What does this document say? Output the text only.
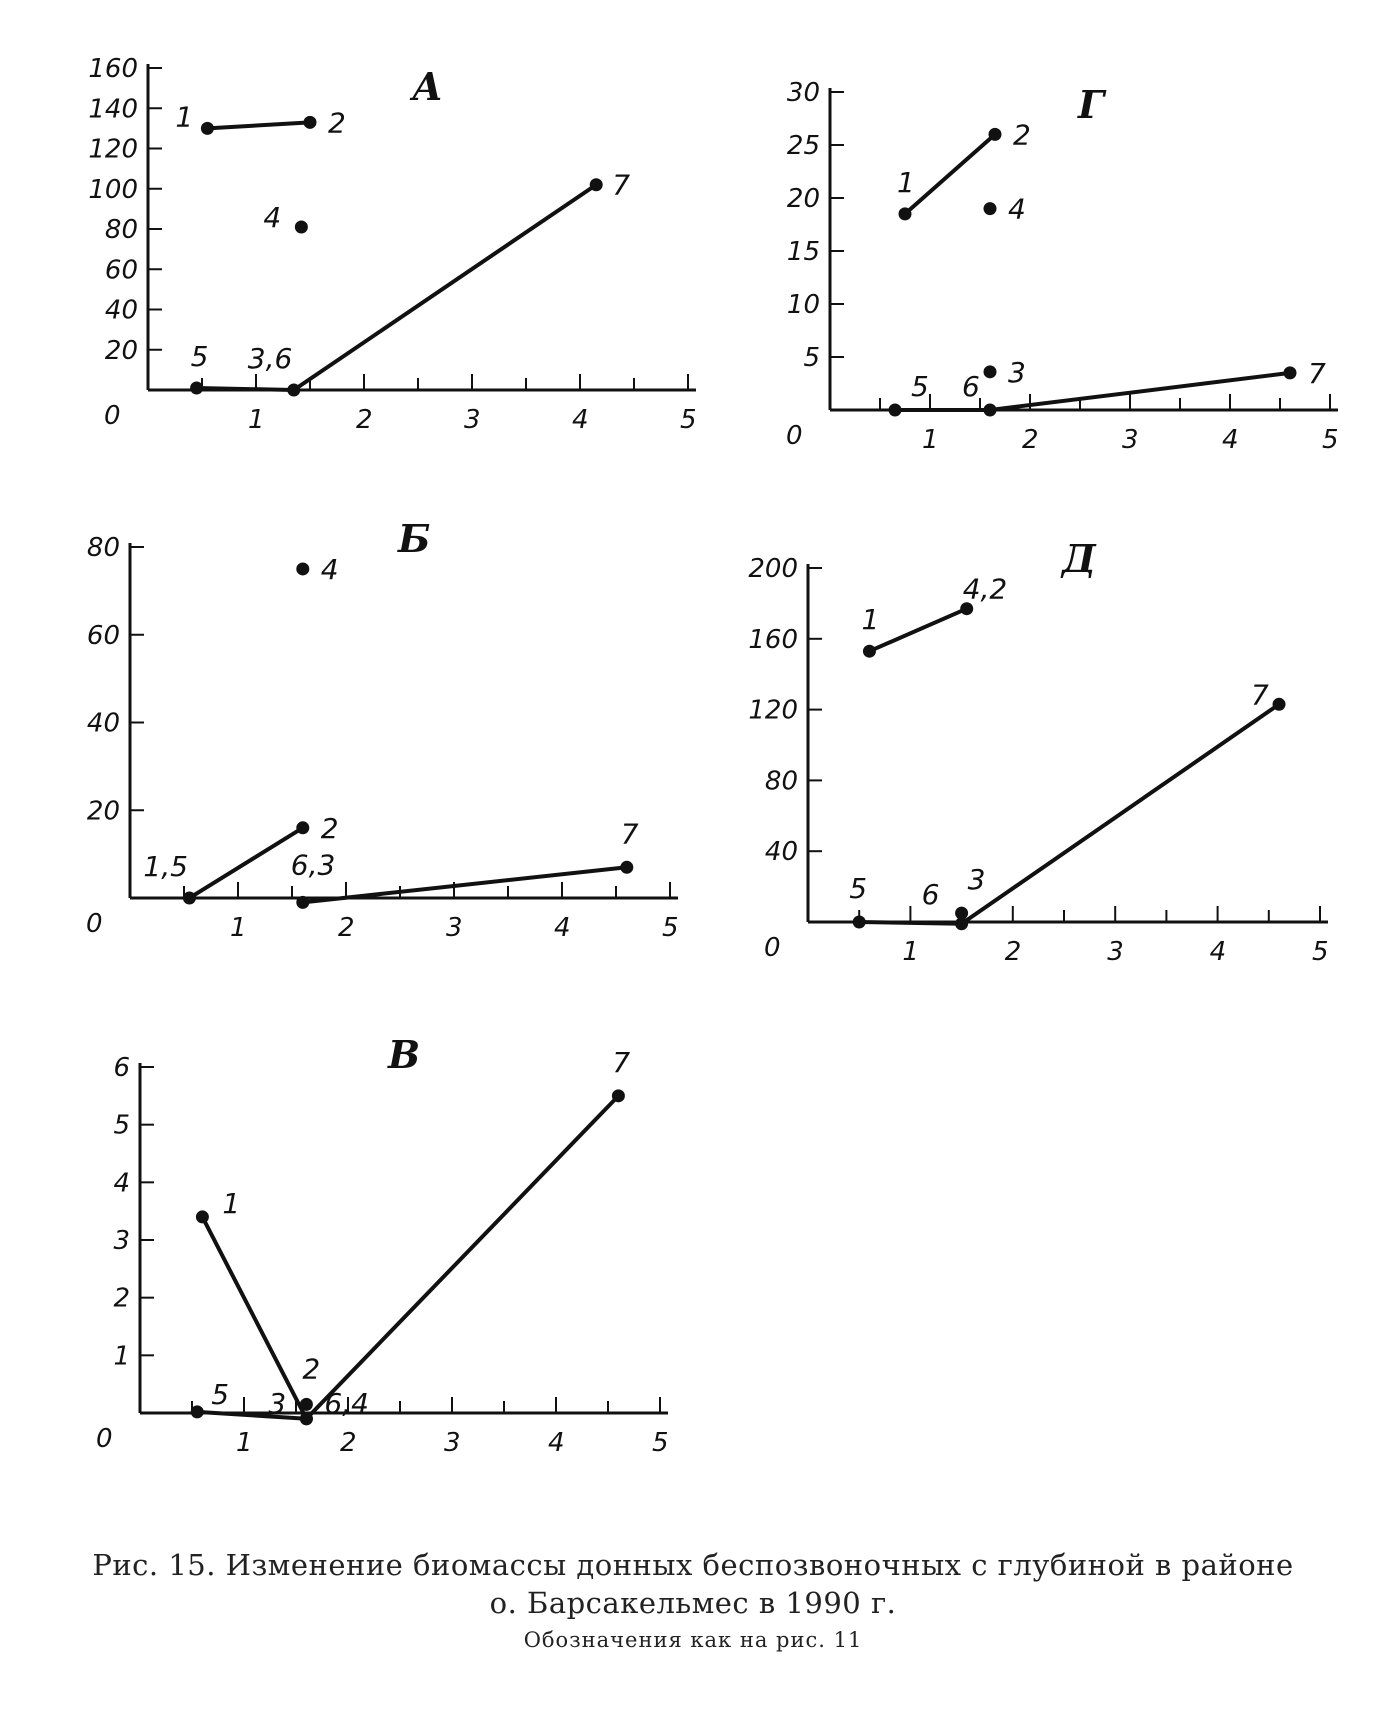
1	2	3	4	5
0
20
40
60
80
100
120
140
160	А
1	2
4
5 3,6
7
1	2	3	4	5
0
20
40
60
80	Б
4
2
1,5	6,3
7
1	2	3	4	5
0
1
2
3
4
5
6	В
1
2
5 3 6,4
7
1	2	3	4	5
0
5
10
15
20
25
30	Г
1
2
4
3
5 6	7
1	2	3	4	5
0
40
80
120
160
200	Д
1
4,2
5 6 3
7
Рис. 15. Изменение биомассы донных беспозвоночных с глубиной в районе
о. Барсакельмес в 1990 г.
Обозначения как на рис. 11
